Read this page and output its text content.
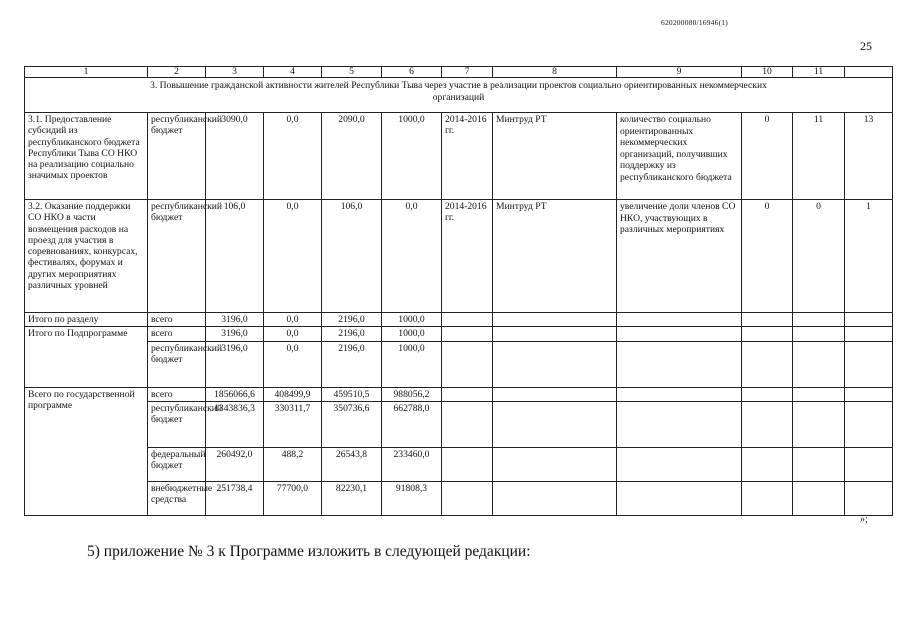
620200080/16946(1)
25
1	2	3	4	5	6	7	8	9	10	11	
3. Повышение гражданской активности жителей Республики Тыва через участие в реализации проектов социально ориентированных некоммерческих организаций											
3.1. Предоставление субсидий из республиканского бюджета Республики Тыва СО НКО на реализацию социально значимых проектов	республиканский бюджет	3090,0	0,0	2090,0	1000,0	2014-2016 гг.	Минтруд РТ	количество социально ориентированных некоммерческих организаций, получивших поддержку из республиканского бюджета	0	11	13
3.2. Оказание поддержки СО НКО в части возмещения расходов на проезд для участия в соревнованиях, конкурсах, фестивалях, форумах и других мероприятиях различных уровней	республиканский бюджет	106,0	0,0	106,0	0,0	2014-2016 гг.	Минтруд РТ	увеличение доли членов СО НКО, участвующих в различных мероприятиях	0	0	1
Итого по разделу	всего	3196,0	0,0	2196,0	1000,0						
Итого по Подпрограмме	всего	3196,0	0,0	2196,0	1000,0						
	республиканский бюджет	3196,0	0,0	2196,0	1000,0						
Всего по государственной программе	всего	1856066,6	408499,9	459510,5	988056,2						
	республиканский бюджет	1343836,3	330311,7	350736,6	662788,0						
	федеральный бюджет	260492,0	488,2	26543,8	233460,0						
	внебюджетные средства	251738,4	77700,0	82230,1	91808,3						
»;
5) приложение № 3 к Программе изложить в следующей редакции:
